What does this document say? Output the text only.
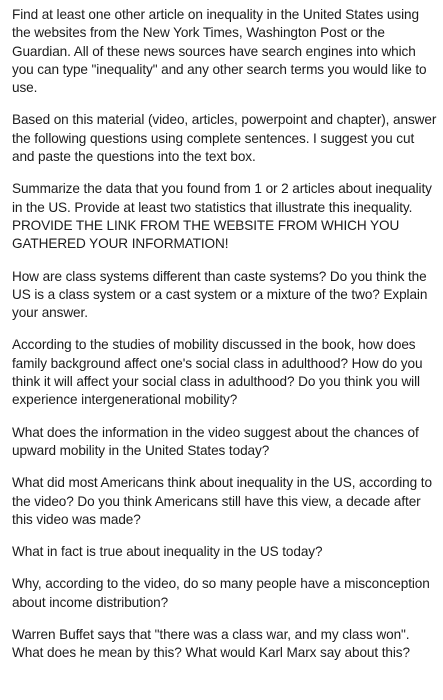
Find at least one other article on inequality in the United States using the websites from the New York Times, Washington Post or the Guardian. All of these news sources have search engines into which you can type "inequality" and any other search terms you would like to use.

Based on this material (video, articles, powerpoint and chapter), answer the following questions using complete sentences. I suggest you cut and paste the questions into the text box.

Summarize the data that you found from 1 or 2 articles about inequality in the US. Provide at least two statistics that illustrate this inequality. PROVIDE THE LINK FROM THE WEBSITE FROM WHICH YOU GATHERED YOUR INFORMATION!

How are class systems different than caste systems? Do you think the US is a class system or a cast system or a mixture of the two? Explain your answer.

According to the studies of mobility discussed in the book, how does family background affect one's social class in adulthood? How do you think it will affect your social class in adulthood? Do you think you will experience intergenerational mobility?

What does the information in the video suggest about the chances of upward mobility in the United States today?

What did most Americans think about inequality in the US, according to the video? Do you think Americans still have this view, a decade after this video was made?

What in fact is true about inequality in the US today?

Why, according to the video, do so many people have a misconception about income distribution?

Warren Buffet says that "there was a class war, and my class won". What does he mean by this? What would Karl Marx say about this?
